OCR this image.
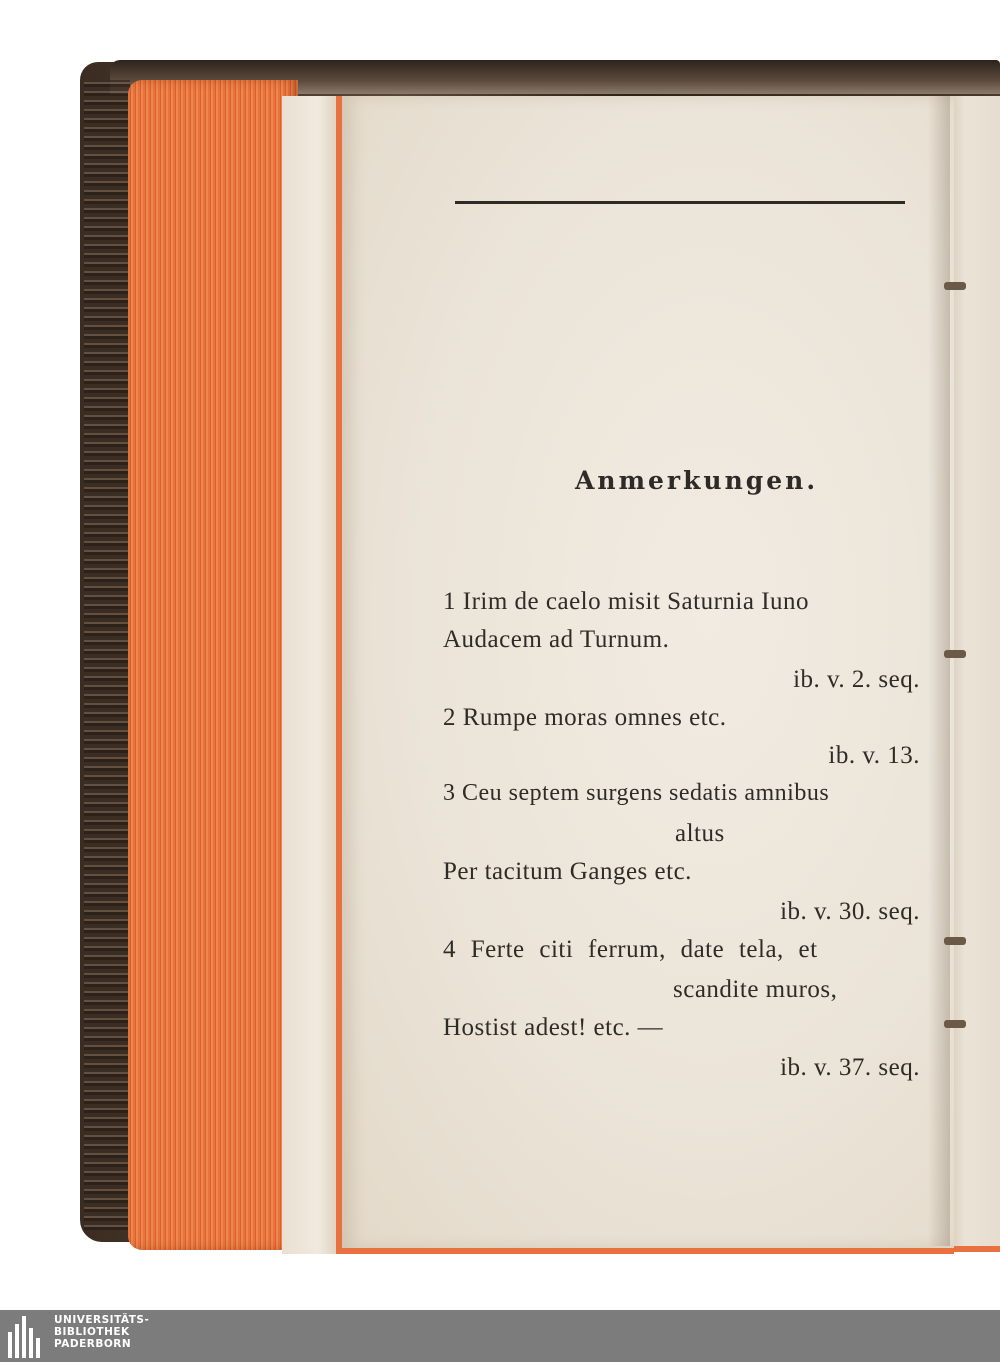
Anmerkungen.
1 Irim de caelo misit Saturnia Iuno
Audacem ad Turnum.
ib. v. 2. seq.
2 Rumpe moras omnes etc.
ib. v. 13.
3 Ceu septem surgens sedatis amnibus
altus
Per tacitum Ganges etc.
ib. v. 30. seq.
4 Ferte citi ferrum, date tela, et
scandite muros,
Hostist adest! etc. —
ib. v. 37. seq.
UNIVERSITÄTS-
BIBLIOTHEK
PADERBORN
